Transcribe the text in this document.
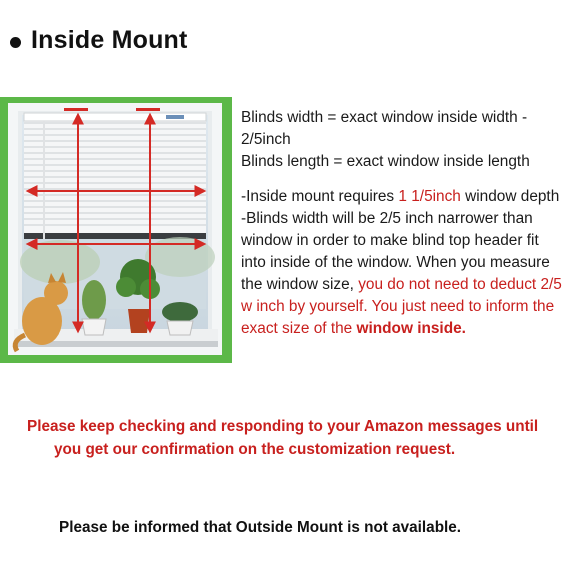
Inside Mount
Blinds width = exact window inside width - 2/5inch
Blinds length = exact window inside length
-Inside mount requires 1 1/5inch window depth
-Blinds width will be 2/5 inch narrower than window in order to make blind top header fit into inside of the window. When you measure the window size, you do not need to deduct 2/5 w inch by yourself. You just need to inform the exact size of the window inside.
Please keep checking and responding to your Amazon messages until
you get our confirmation on the customization request.
Please be informed that Outside Mount is not available.
